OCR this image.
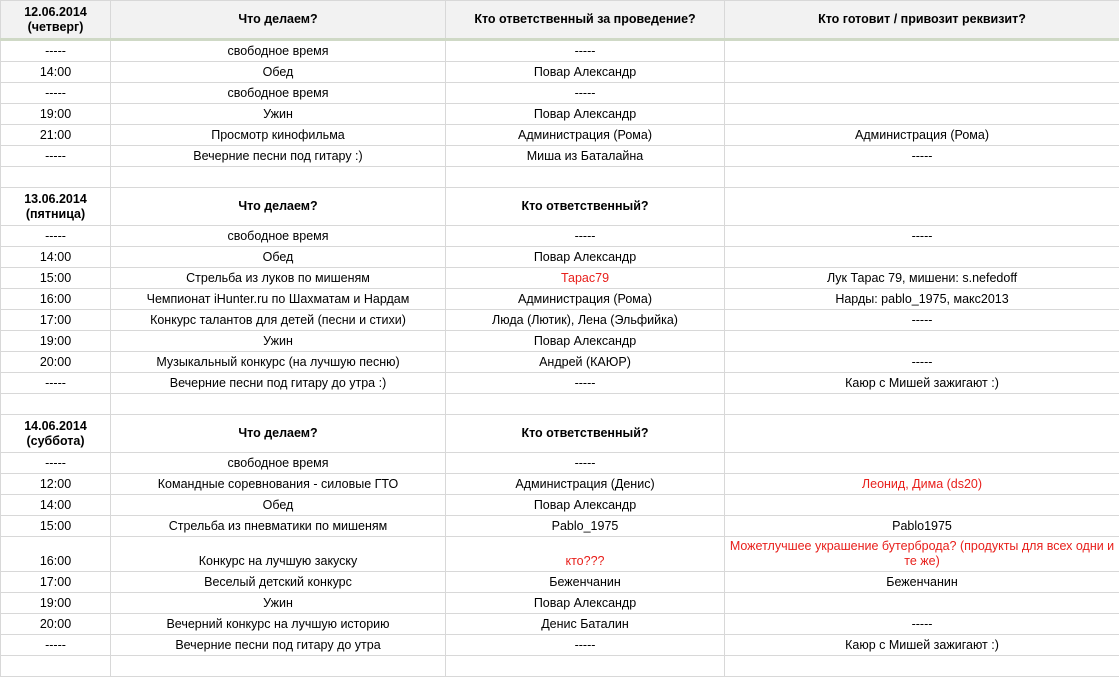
12.06.2014
(четверг)	Что делаем?	Кто ответственный за проведение?	Кто готовит / привозит реквизит?
-----	свободное время	-----	
14:00	Обед	Повар Александр	
-----	свободное время	-----	
19:00	Ужин	Повар Александр	
21:00	Просмотр кинофильма	Администрация (Рома)	Администрация (Рома)
-----	Вечерние песни под гитару :)	Миша из Баталайна	-----

13.06.2014
(пятница)	Что делаем?	Кто ответственный?	
-----	свободное время	-----	-----
14:00	Обед	Повар Александр	
15:00	Стрельба из луков по мишеням	Тарас79	Лук Тарас 79, мишени: s.nefedoff
16:00	Чемпионат iHunter.ru по Шахматам и Нардам	Администрация (Рома)	Нарды: pablo_1975, макс2013
17:00	Конкурс талантов для детей (песни и стихи)	Люда (Лютик), Лена (Эльфийка)	-----
19:00	Ужин	Повар Александр	
20:00	Музыкальный конкурс (на лучшую песню)	Андрей (КАЮР)	-----
-----	Вечерние песни под гитару до утра :)	-----	Каюр с Мишей зажигают :)

14.06.2014
(суббота)	Что делаем?	Кто ответственный?	
-----	свободное время	-----	
12:00	Командные соревнования - силовые ГТО	Администрация (Денис)	Леонид, Дима (ds20)
14:00	Обед	Повар Александр	
15:00	Стрельба из пневматики по мишеням	Pablo_1975	Pablo1975
16:00	Конкурс на лучшую закуску	кто???	Можетлучшее украшение бутерброда? (продукты для всех одни и те же)
17:00	Веселый детский конкурс	Беженчанин	Беженчанин
19:00	Ужин	Повар Александр	
20:00	Вечерний конкурс на лучшую историю	Денис Баталин	-----
-----	Вечерние песни под гитару до утра	-----	Каюр с Мишей зажигают :)
